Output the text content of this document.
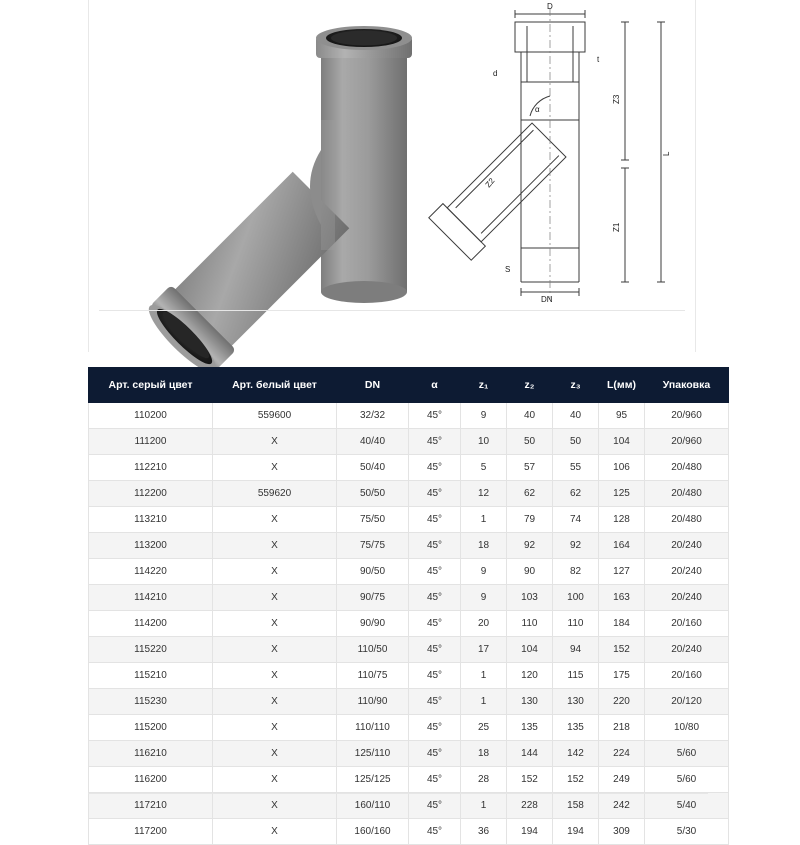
D
d
t
Z3
Z1
Z2
L
S
DN
α
Арт. серый цвет	Арт. белый цвет	DN	α	z₁	z₂	z₃	L(мм)	Упаковка
110200	559600	32/32	45°	9	40	40	95	20/960
111200	X	40/40	45°	10	50	50	104	20/960
112210	X	50/40	45°	5	57	55	106	20/480
112200	559620	50/50	45°	12	62	62	125	20/480
113210	X	75/50	45°	1	79	74	128	20/480
113200	X	75/75	45°	18	92	92	164	20/240
114220	X	90/50	45°	9	90	82	127	20/240
114210	X	90/75	45°	9	103	100	163	20/240
114200	X	90/90	45°	20	110	110	184	20/160
115220	X	110/50	45°	17	104	94	152	20/240
115210	X	110/75	45°	1	120	115	175	20/160
115230	X	110/90	45°	1	130	130	220	20/120
115200	X	110/110	45°	25	135	135	218	10/80
116210	X	125/110	45°	18	144	142	224	5/60
116200	X	125/125	45°	28	152	152	249	5/60
117210	X	160/110	45°	1	228	158	242	5/40
117200	X	160/160	45°	36	194	194	309	5/30
